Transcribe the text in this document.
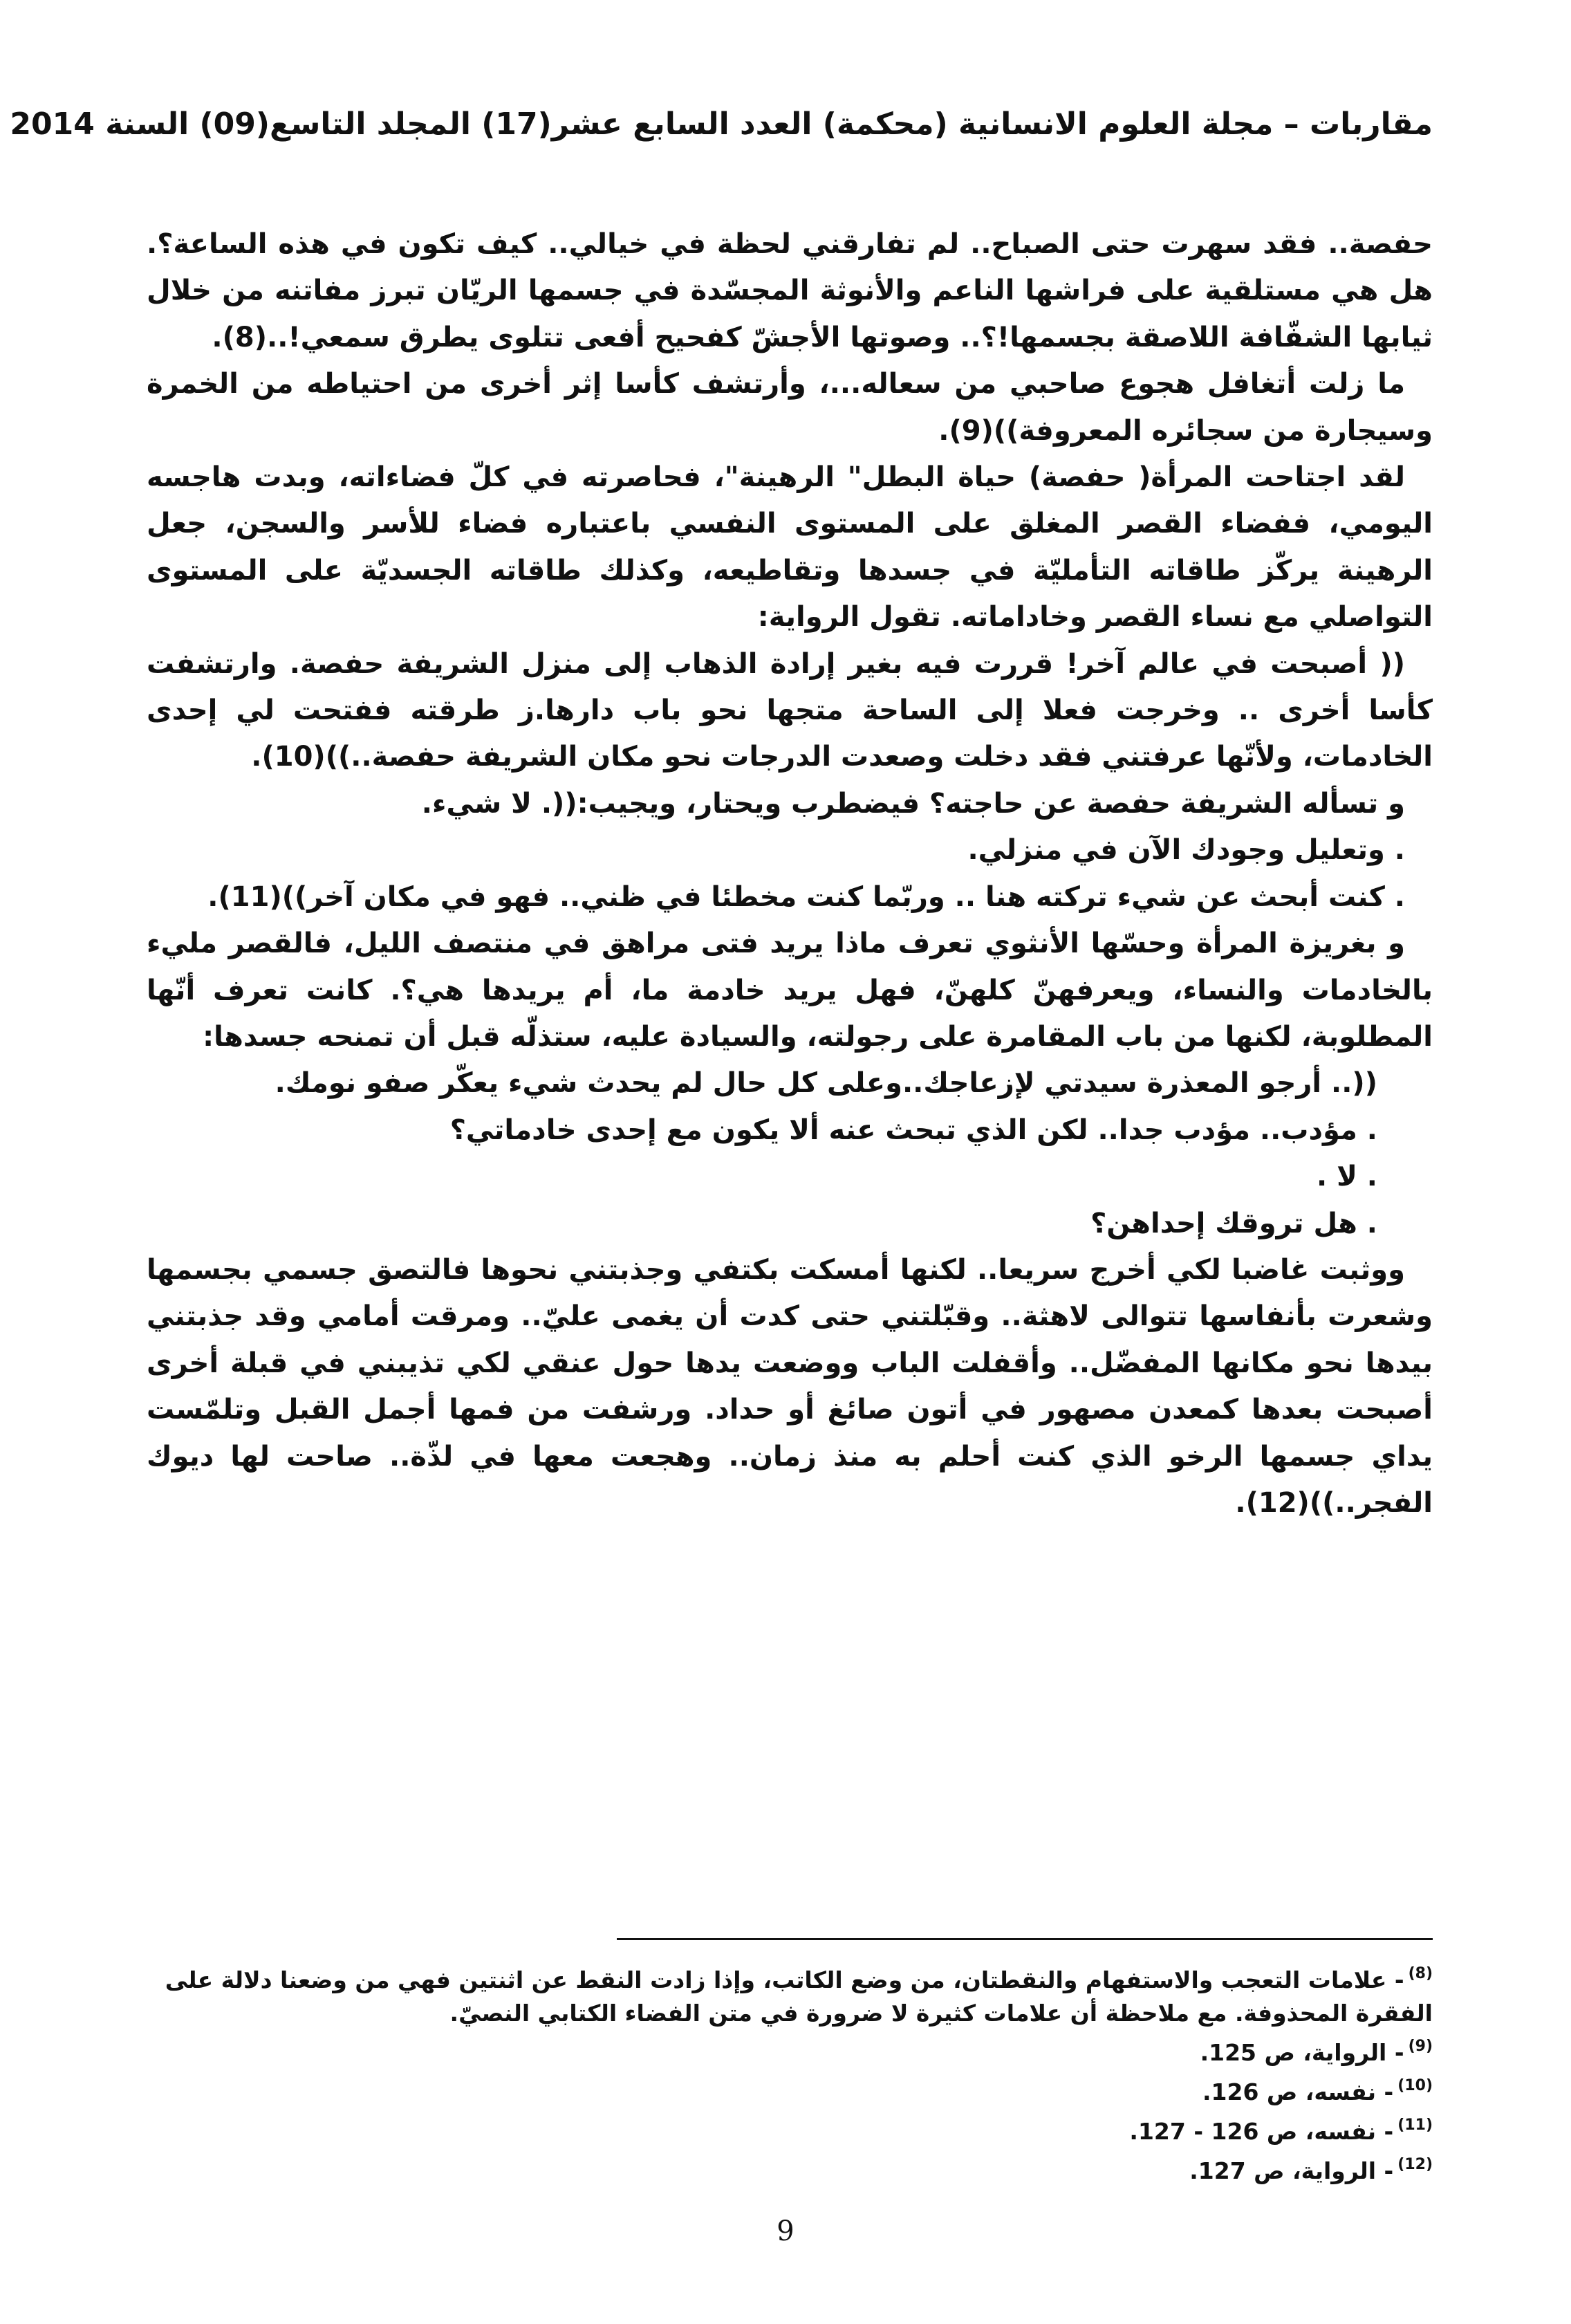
مقاربات – مجلة العلوم الانسانية (محكمة) العدد السابع عشر(17) المجلد التاسع(09) السنة 2014

حفصة.. فقد سهرت حتى الصباح.. لم تفارقني لحظة في خيالي.. كيف تكون في هذه الساعة؟. هل هي مستلقية على فراشها الناعم والأنوثة المجسّدة في جسمها الريّان تبرز مفاتنه من خلال ثيابها الشفّافة اللاصقة بجسمها!؟.. وصوتها الأجشّ كفحيح أفعى تتلوى يطرق سمعي!..(8).

ما زلت أتغافل هجوع صاحبي من سعاله...، وأرتشف كأسا إثر أخرى من احتياطه من الخمرة وسيجارة من سجائره المعروفة))(9).

لقد اجتاحت المرأة( حفصة) حياة البطل" الرهينة"، فحاصرته في كلّ فضاءاته، وبدت هاجسه اليومي، ففضاء القصر المغلق على المستوى النفسي باعتباره فضاء للأسر والسجن، جعل الرهينة يركّز طاقاته التأمليّة في جسدها وتقاطيعه، وكذلك طاقاته الجسديّة على المستوى التواصلي مع نساء القصر وخاداماته. تقول الرواية:

(( أصبحت في عالم آخر! قررت فيه بغير إرادة الذهاب إلى منزل الشريفة حفصة. وارتشفت كأسا أخرى .. وخرجت فعلا إلى الساحة متجها نحو باب دارها.ز طرقته ففتحت لي إحدى الخادمات، ولأنّها عرفتني فقد دخلت وصعدت الدرجات نحو مكان الشريفة حفصة..))(10).

و تسأله الشريفة حفصة عن حاجته؟ فيضطرب ويحتار، ويجيب:((. لا شيء.

. وتعليل وجودك الآن في منزلي.

. كنت أبحث عن شيء تركته هنا .. وربّما كنت مخطئا في ظني.. فهو في مكان آخر))(11).

و بغريزة المرأة وحسّها الأنثوي تعرف ماذا يريد فتى مراهق في منتصف الليل، فالقصر مليء بالخادمات والنساء، ويعرفهنّ كلهنّ، فهل يريد خادمة ما، أم يريدها هي؟. كانت تعرف أنّها المطلوبة، لكنها من باب المقامرة على رجولته، والسيادة عليه، ستذلّه قبل أن تمنحه جسدها:

((.. أرجو المعذرة سيدتي لإزعاجك..وعلى كل حال لم يحدث شيء يعكّر صفو نومك.

. مؤدب.. مؤدب جدا.. لكن الذي تبحث عنه ألا يكون مع إحدى خادماتي؟

. لا .

. هل تروقك إحداهن؟

ووثبت غاضبا لكي أخرج سريعا.. لكنها أمسكت بكتفي وجذبتني نحوها فالتصق جسمي بجسمها وشعرت بأنفاسها تتوالى لاهثة.. وقبّلتني حتى كدت أن يغمى عليّ.. ومرقت أمامي وقد جذبتني بيدها نحو مكانها المفضّل.. وأقفلت الباب ووضعت يدها حول عنقي لكي تذيبني في قبلة أخرى أصبحت بعدها كمعدن مصهور في أتون صائغ أو حداد. ورشفت من فمها أجمل القبل وتلمّست يداي جسمها الرخو الذي كنت أحلم به منذ زمان.. وهجعت معها في لذّة.. صاحت لها ديوك الفجر..))(12).

$^{(8)}$- علامات التعجب والاستفهام والنقطتان، من وضع الكاتب، وإذا زادت النقط عن اثنتين فهي من وضعنا دلالة على الفقرة المحذوفة. مع ملاحظة أن علامات كثيرة لا ضرورة في متن الفضاء الكتابي النصيّ.

$^{(9)}$- الرواية، ص 125.

$^{(10)}$- نفسه، ص 126.

$^{(11)}$- نفسه، ص 126 - 127.

$^{(12)}$- الرواية، ص 127.

9
